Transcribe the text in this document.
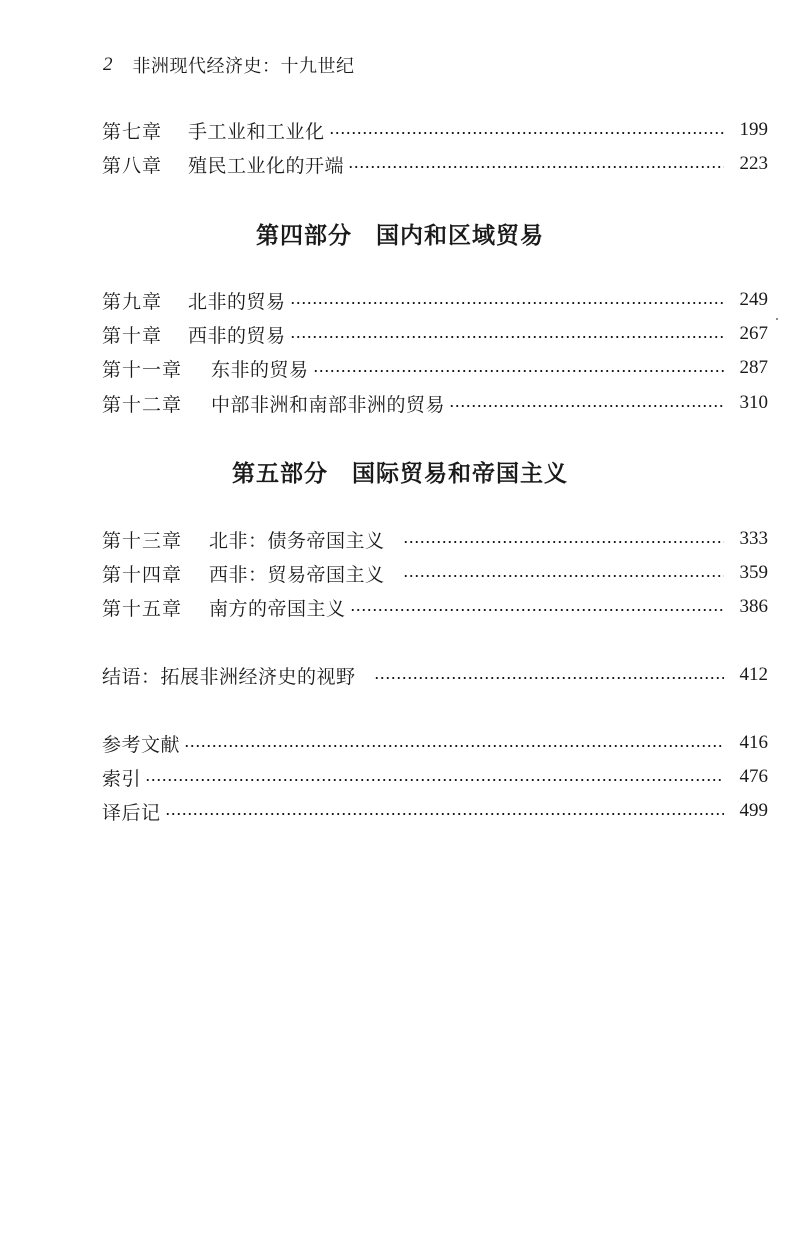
2 非洲现代经济史：十九世纪
第七章	手工业和工业化	199
第八章	殖民工业化的开端	223
第四部分 国内和区域贸易
第九章	北非的贸易	249
第十章	西非的贸易	267
第十一章	东非的贸易	287
第十二章	中部非洲和南部非洲的贸易	310
第五部分 国际贸易和帝国主义
第十三章	北非：债务帝国主义	333
第十四章	西非：贸易帝国主义	359
第十五章	南方的帝国主义	386
结语：拓展非洲经济史的视野	412
参考文献	416
索引	476
译后记	499
